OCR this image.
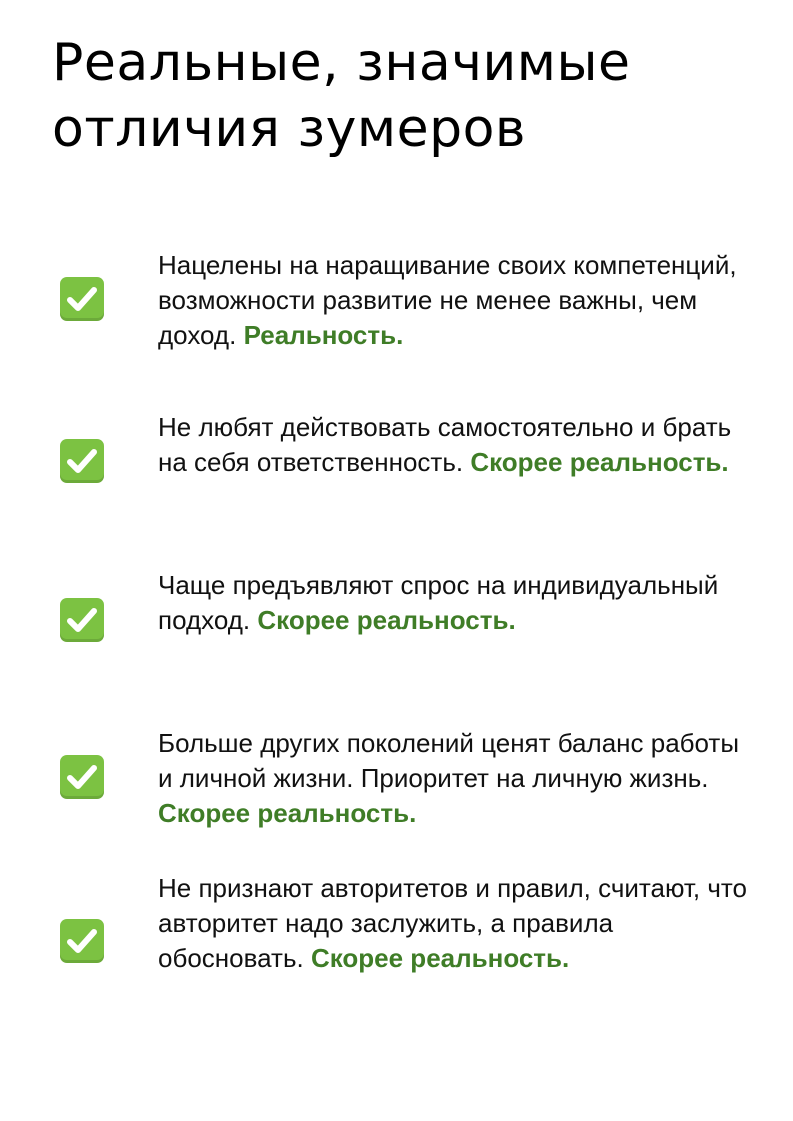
Реальные, значимые отличия зумеров
Нацелены на наращивание своих компетенций, возможности развитие не менее важны, чем доход. Реальность.
Не любят действовать самостоятельно и брать на себя ответственность. Скорее реальность.
Чаще предъявляют спрос на индивидуальный подход. Скорее реальность.
Больше других поколений ценят баланс работы и личной жизни. Приоритет на личную жизнь. Скорее реальность.
Не признают авторитетов и правил, считают, что авторитет надо заслужить, а правила обосновать. Скорее реальность.
